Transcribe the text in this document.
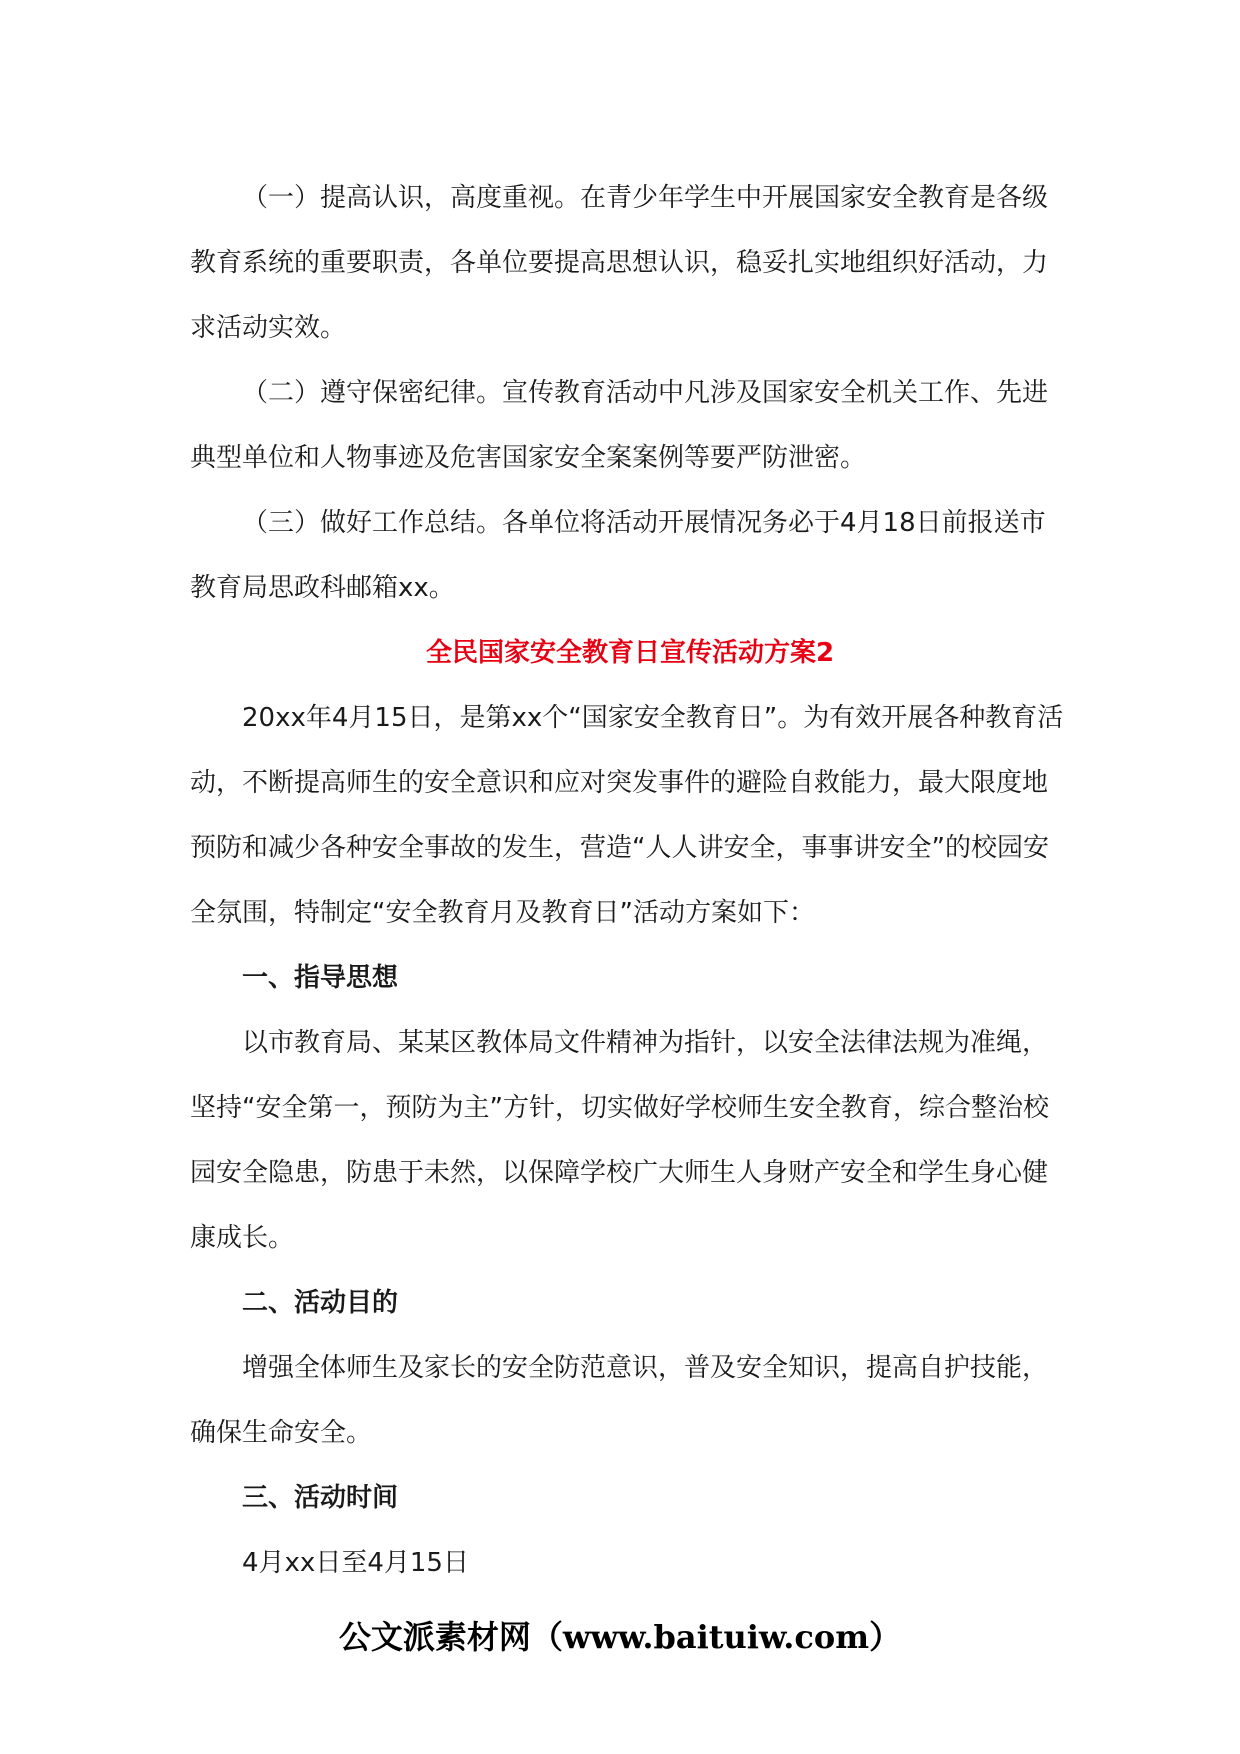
（一）提高认识，高度重视。在青少年学生中开展国家安全教育是各级教育系统的重要职责，各单位要提高思想认识，稳妥扎实地组织好活动，力求活动实效。

（二）遵守保密纪律。宣传教育活动中凡涉及国家安全机关工作、先进典型单位和人物事迹及危害国家安全案案例等要严防泄密。

（三）做好工作总结。各单位将活动开展情况务必于4月18日前报送市教育局思政科邮箱xx。

全民国家安全教育日宣传活动方案2

20xx年4月15日，是第xx个“国家安全教育日”。为有效开展各种教育活动，不断提高师生的安全意识和应对突发事件的避险自救能力，最大限度地预防和减少各种安全事故的发生，营造“人人讲安全，事事讲安全”的校园安全氛围，特制定“安全教育月及教育日”活动方案如下：

一、指导思想

以市教育局、某某区教体局文件精神为指针，以安全法律法规为准绳，坚持“安全第一，预防为主”方针，切实做好学校师生安全教育，综合整治校园安全隐患，防患于未然，以保障学校广大师生人身财产安全和学生身心健康成长。

二、活动目的

增强全体师生及家长的安全防范意识，普及安全知识，提高自护技能，确保生命安全。

三、活动时间

4月xx日至4月15日

公文派素材网（www.baituiw.com）
